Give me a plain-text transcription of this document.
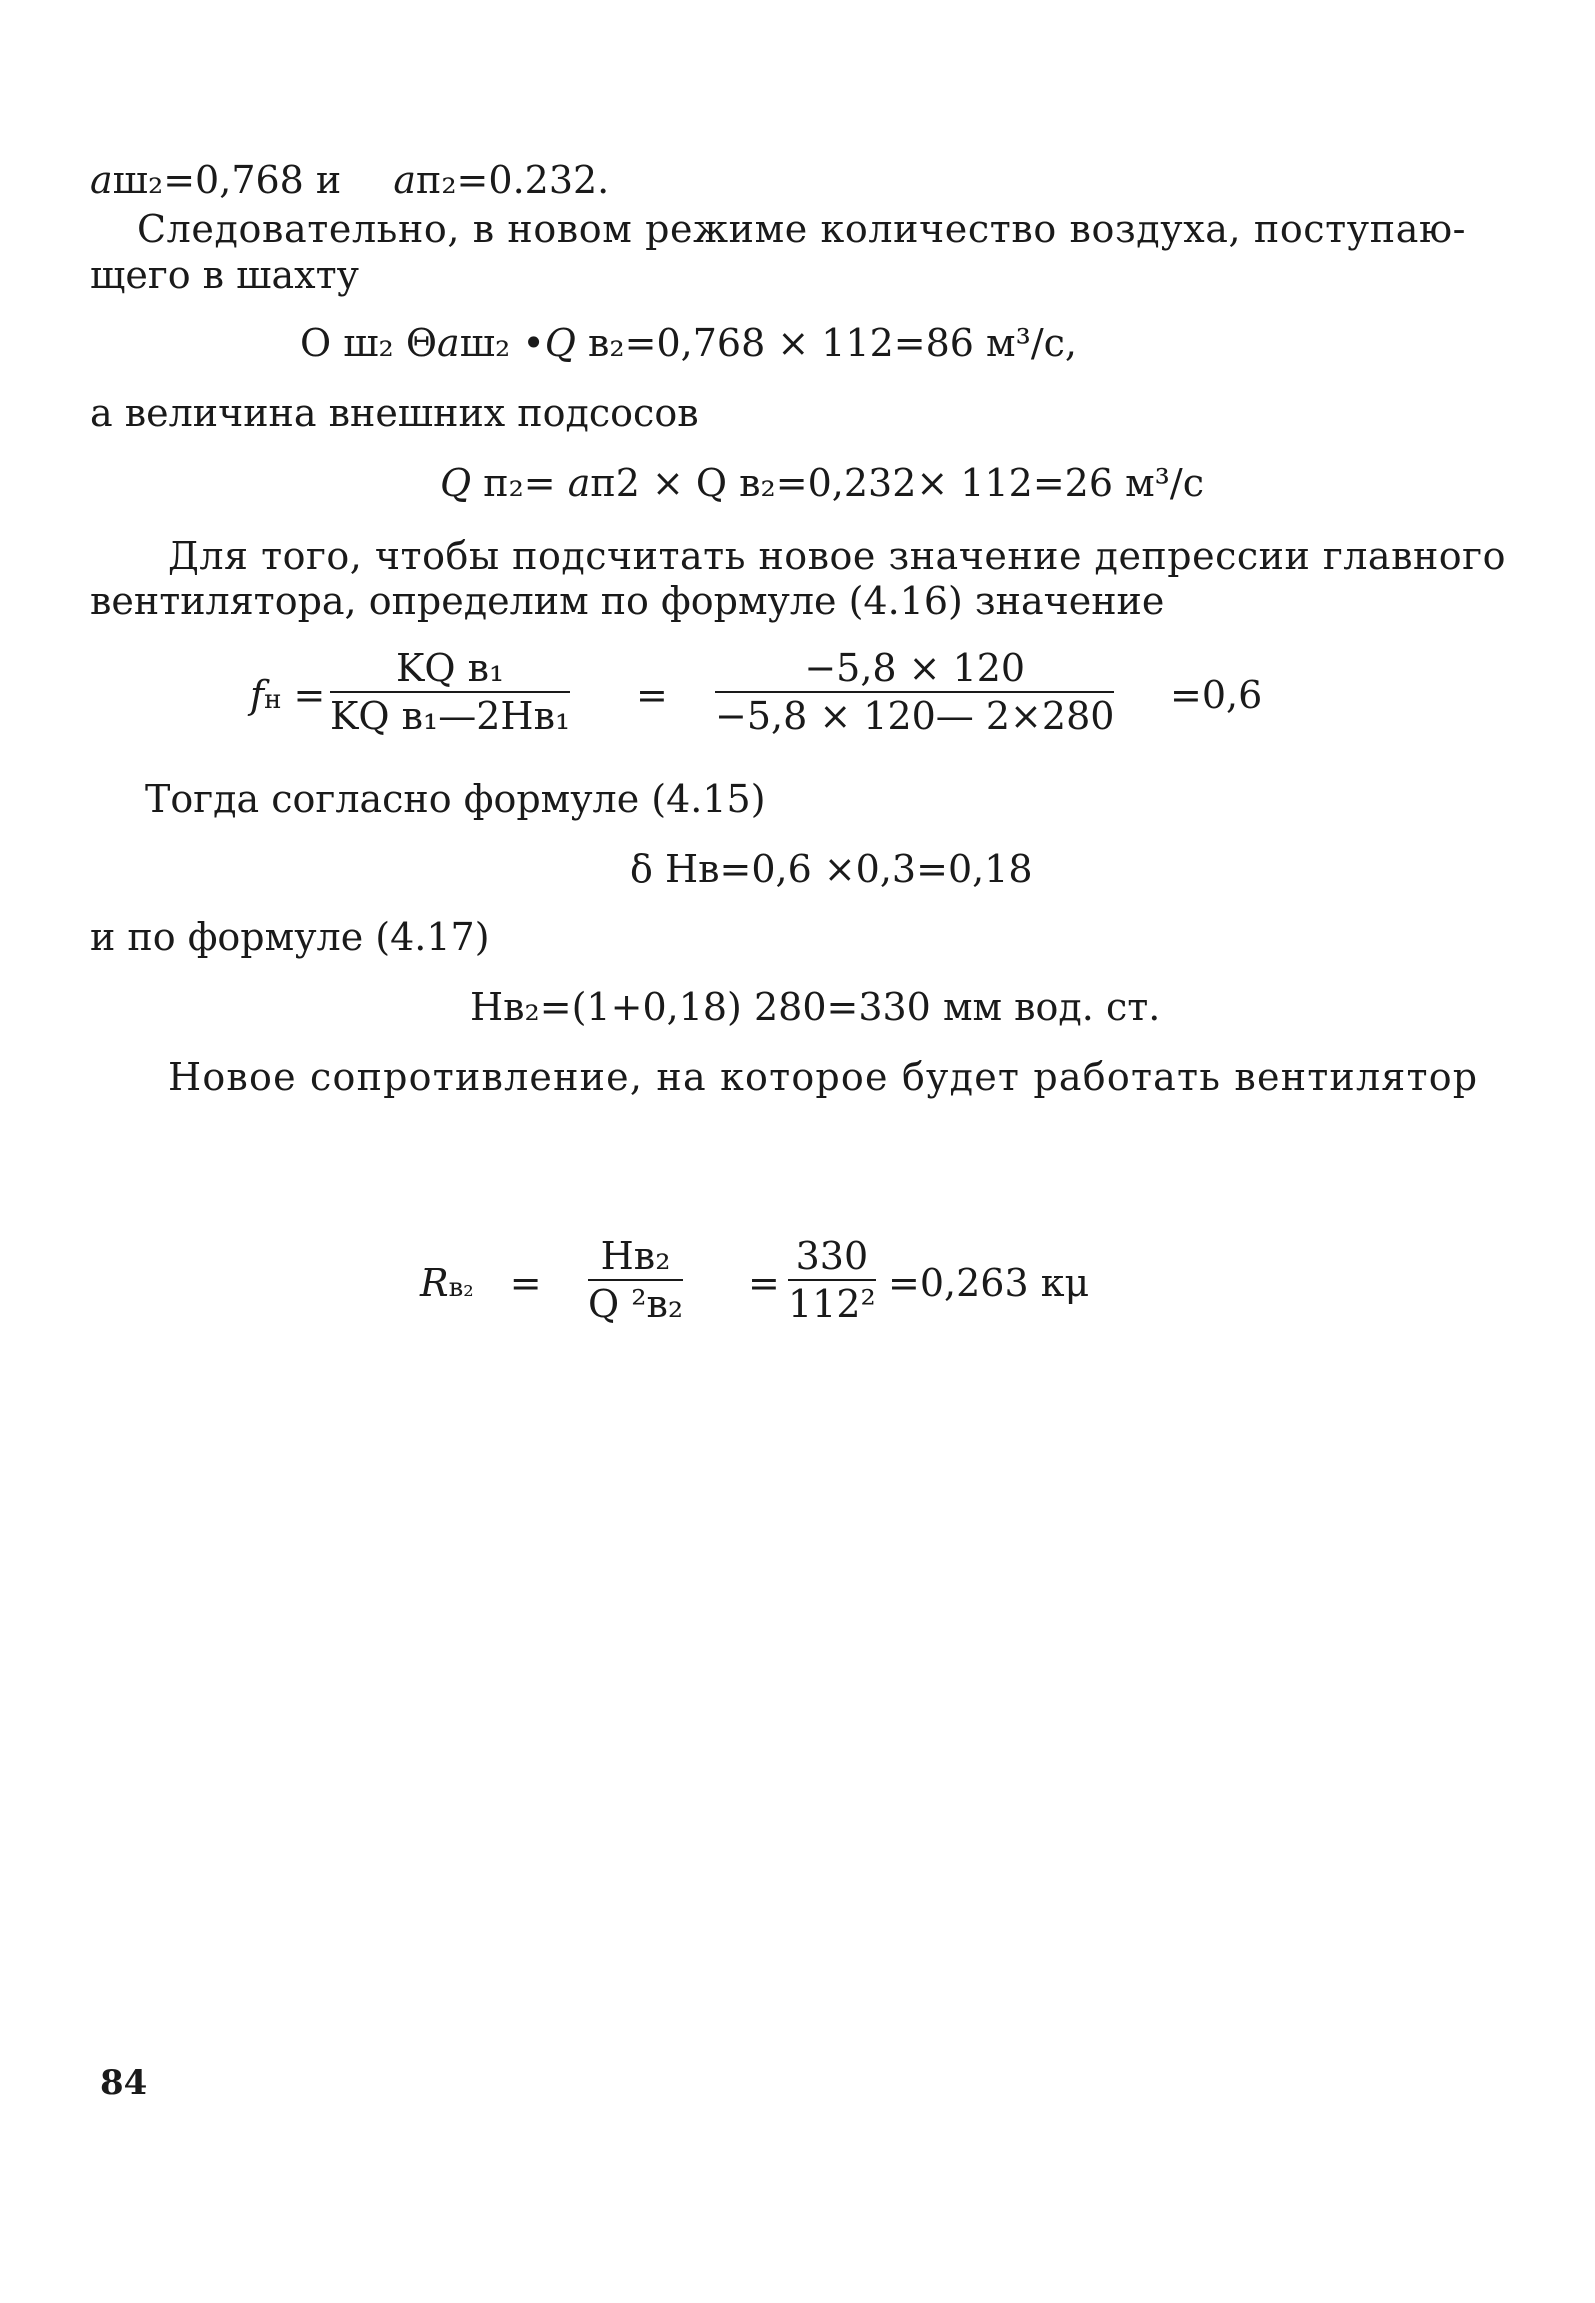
aш₂=0,768 и aп₂=0.232.
Следовательно, в новом режиме количество воздуха, поступаю-
щего в шахту
О ш₂ Θaш₂ •Q в₂=0,768 × 112=86 м³/с,
а величина внешних подсосов
Q п₂= aп2 × Q в₂=0,232× 112=26 м³/с
Для того, чтобы подсчитать новое значение депрессии главного
вентилятора, определим по формуле (4.16) значение
fн =
KQ в₁
KQ в₁—2Hв₁ =
−5,8 × 120
−5,8 × 120— 2×280 =0,6
Тогда согласно формуле (4.15)
δ Hв=0,6 ×0,3=0,18
и по формуле (4.17)
Hв₂=(1+0,18) 280=330 мм вод. ст.
Новое сопротивление, на которое будет работать вентилятор
Rв₂ =
Hв₂
Q ²в₂ =
330
112² =0,263 кμ
84
